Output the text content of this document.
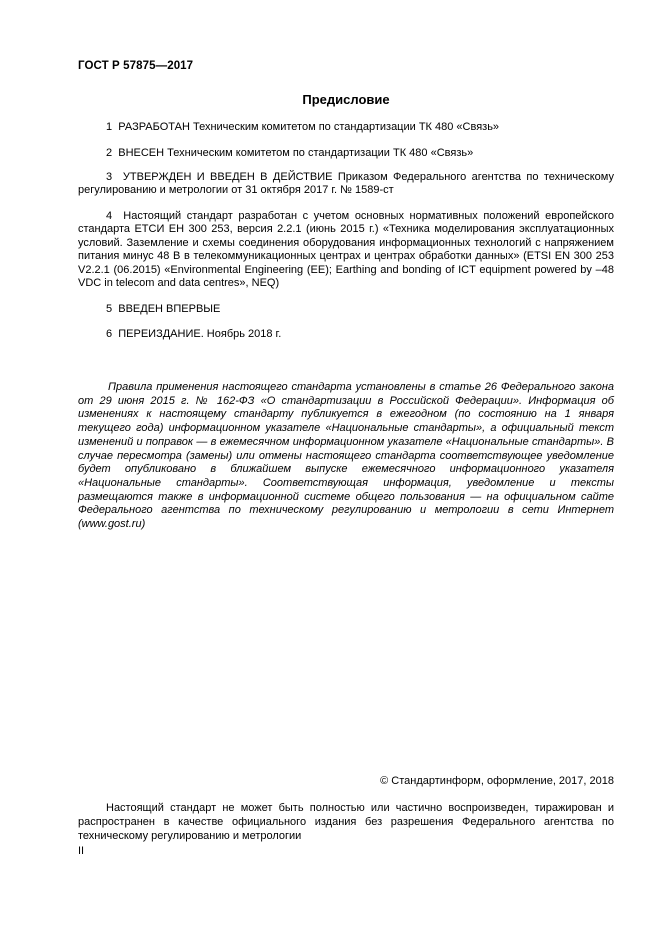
ГОСТ Р 57875—2017
Предисловие
1 РАЗРАБОТАН Техническим комитетом по стандартизации ТК 480 «Связь»
2 ВНЕСЕН Техническим комитетом по стандартизации ТК 480 «Связь»
3 УТВЕРЖДЕН И ВВЕДЕН В ДЕЙСТВИЕ Приказом Федерального агентства по техническому регулированию и метрологии от 31 октября 2017 г. № 1589-ст
4 Настоящий стандарт разработан с учетом основных нормативных положений европейского стандарта ЕТСИ ЕН 300 253, версия 2.2.1 (июнь 2015 г.) «Техника моделирования эксплуатационных условий. Заземление и схемы соединения оборудования информационных технологий с напряжением питания минус 48 В в телекоммуникационных центрах и центрах обработки данных» (ETSI EN 300 253 V2.2.1 (06.2015) «Environmental Engineering (EE); Earthing and bonding of ICT equipment powered by –48 VDC in telecom and data centres», NEQ)
5 ВВЕДЕН ВПЕРВЫЕ
6 ПЕРЕИЗДАНИЕ. Ноябрь 2018 г.
Правила применения настоящего стандарта установлены в статье 26 Федерального закона от 29 июня 2015 г. № 162-ФЗ «О стандартизации в Российской Федерации». Информация об изменениях к настоящему стандарту публикуется в ежегодном (по состоянию на 1 января текущего года) информационном указателе «Национальные стандарты», а официальный текст изменений и поправок — в ежемесячном информационном указателе «Национальные стандарты». В случае пересмотра (замены) или отмены настоящего стандарта соответствующее уведомление будет опубликовано в ближайшем выпуске ежемесячного информационного указателя «Национальные стандарты». Соответствующая информация, уведомление и тексты размещаются также в информационной системе общего пользования — на официальном сайте Федерального агентства по техническому регулированию и метрологии в сети Интернет (www.gost.ru)
© Стандартинформ, оформление, 2017, 2018
Настоящий стандарт не может быть полностью или частично воспроизведен, тиражирован и распространен в качестве официального издания без разрешения Федерального агентства по техническому регулированию и метрологии
II
